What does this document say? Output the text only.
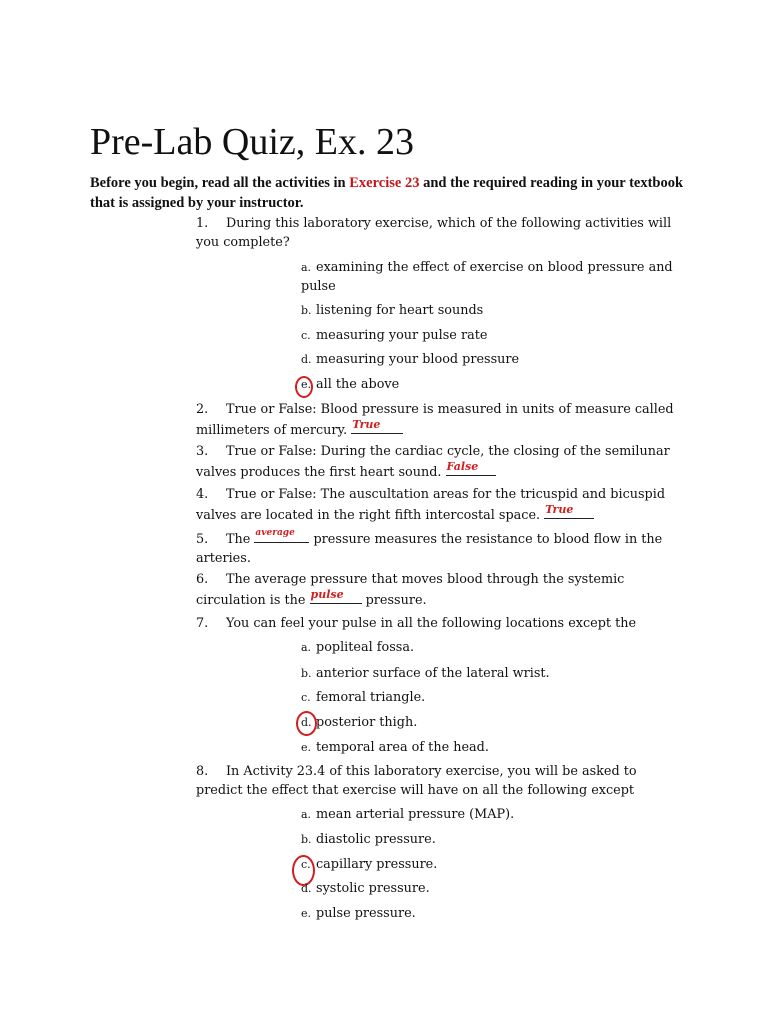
Pre-Lab Quiz, Ex. 23
Before you begin, read all the activities in Exercise 23 and the required reading in your textbook that is assigned by your instructor.
1. During this laboratory exercise, which of the following activities will you complete?
a. examining the effect of exercise on blood pressure and pulse
b. listening for heart sounds
c. measuring your pulse rate
d. measuring your blood pressure
e. all the above
2. True or False: Blood pressure is measured in units of measure called millimeters of mercury. True
3. True or False: During the cardiac cycle, the closing of the semilunar valves produces the first heart sound. False
4. True or False: The auscultation areas for the tricuspid and bicuspid valves are located in the right fifth intercostal space. True
5. The average pressure measures the resistance to blood flow in the arteries.
6. The average pressure that moves blood through the systemic circulation is the pulse pressure.
7. You can feel your pulse in all the following locations except the
a. popliteal fossa.
b. anterior surface of the lateral wrist.
c. femoral triangle.
d. posterior thigh.
e. temporal area of the head.
8. In Activity 23.4 of this laboratory exercise, you will be asked to predict the effect that exercise will have on all the following except
a. mean arterial pressure (MAP).
b. diastolic pressure.
c. capillary pressure.
d. systolic pressure.
e. pulse pressure.
